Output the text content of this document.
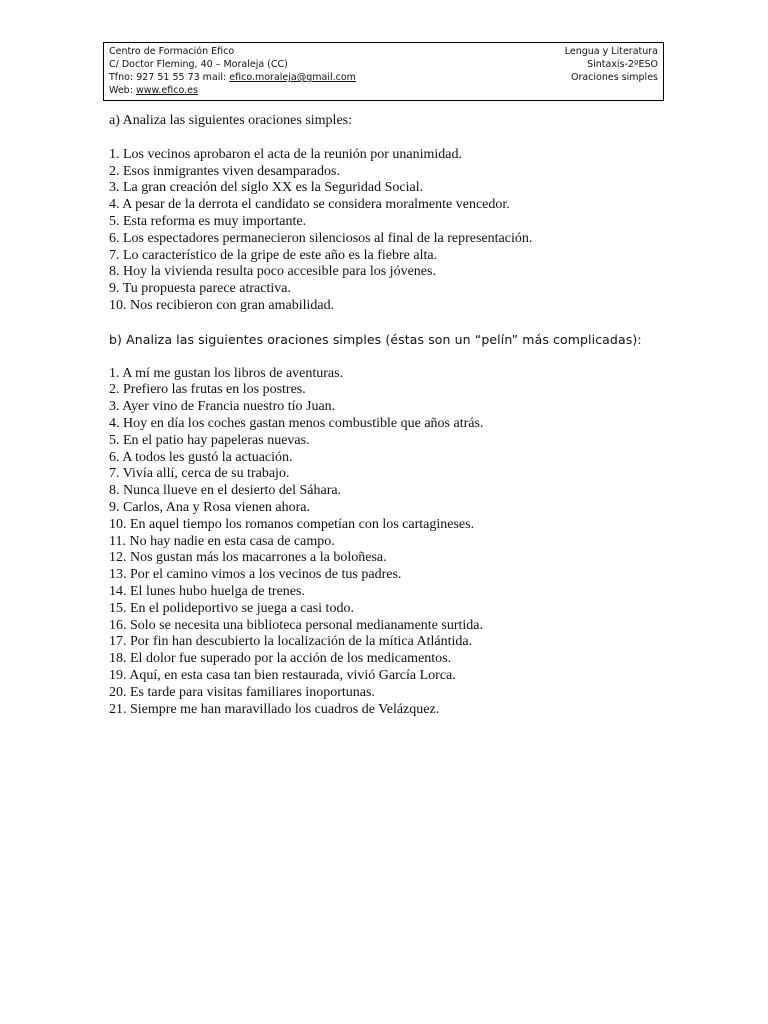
Centro de Formación Efico
C/ Doctor Fleming, 40 – Moraleja (CC)
Tfno: 927 51 55 73 mail: efico.moraleja@gmail.com
Web: www.efico.es
Lengua y Literatura
Sintaxis-2ºESO
Oraciones simples

a) Analiza las siguientes oraciones simples:

1. Los vecinos aprobaron el acta de la reunión por unanimidad.
2. Esos inmigrantes viven desamparados.
3. La gran creación del siglo XX es la Seguridad Social.
4. A pesar de la derrota el candidato se considera moralmente vencedor.
5. Esta reforma es muy importante.
6. Los espectadores permanecieron silenciosos al final de la representación.
7. Lo característico de la gripe de este año es la fiebre alta.
8. Hoy la vivienda resulta poco accesible para los jóvenes.
9. Tu propuesta parece atractiva.
10. Nos recibieron con gran amabilidad.

b) Analiza las siguientes oraciones simples (éstas son un “pelín” más complicadas):

1. A mí me gustan los libros de aventuras.
2. Prefiero las frutas en los postres.
3. Ayer vino de Francia nuestro tío Juan.
4. Hoy en día los coches gastan menos combustible que años atrás.
5. En el patio hay papeleras nuevas.
6. A todos les gustó la actuación.
7. Vivía allí, cerca de su trabajo.
8. Nunca llueve en el desierto del Sáhara.
9. Carlos, Ana y Rosa vienen ahora.
10. En aquel tiempo los romanos competían con los cartagineses.
11. No hay nadie en esta casa de campo.
12. Nos gustan más los macarrones a la boloñesa.
13. Por el camino vimos a los vecinos de tus padres.
14. El lunes hubo huelga de trenes.
15. En el polideportivo se juega a casi todo.
16. Solo se necesita una biblioteca personal medianamente surtida.
17. Por fin han descubierto la localización de la mítica Atlántida.
18. El dolor fue superado por la acción de los medicamentos.
19. Aquí, en esta casa tan bien restaurada, vivió García Lorca.
20. Es tarde para visitas familiares inoportunas.
21. Siempre me han maravillado los cuadros de Velázquez.
